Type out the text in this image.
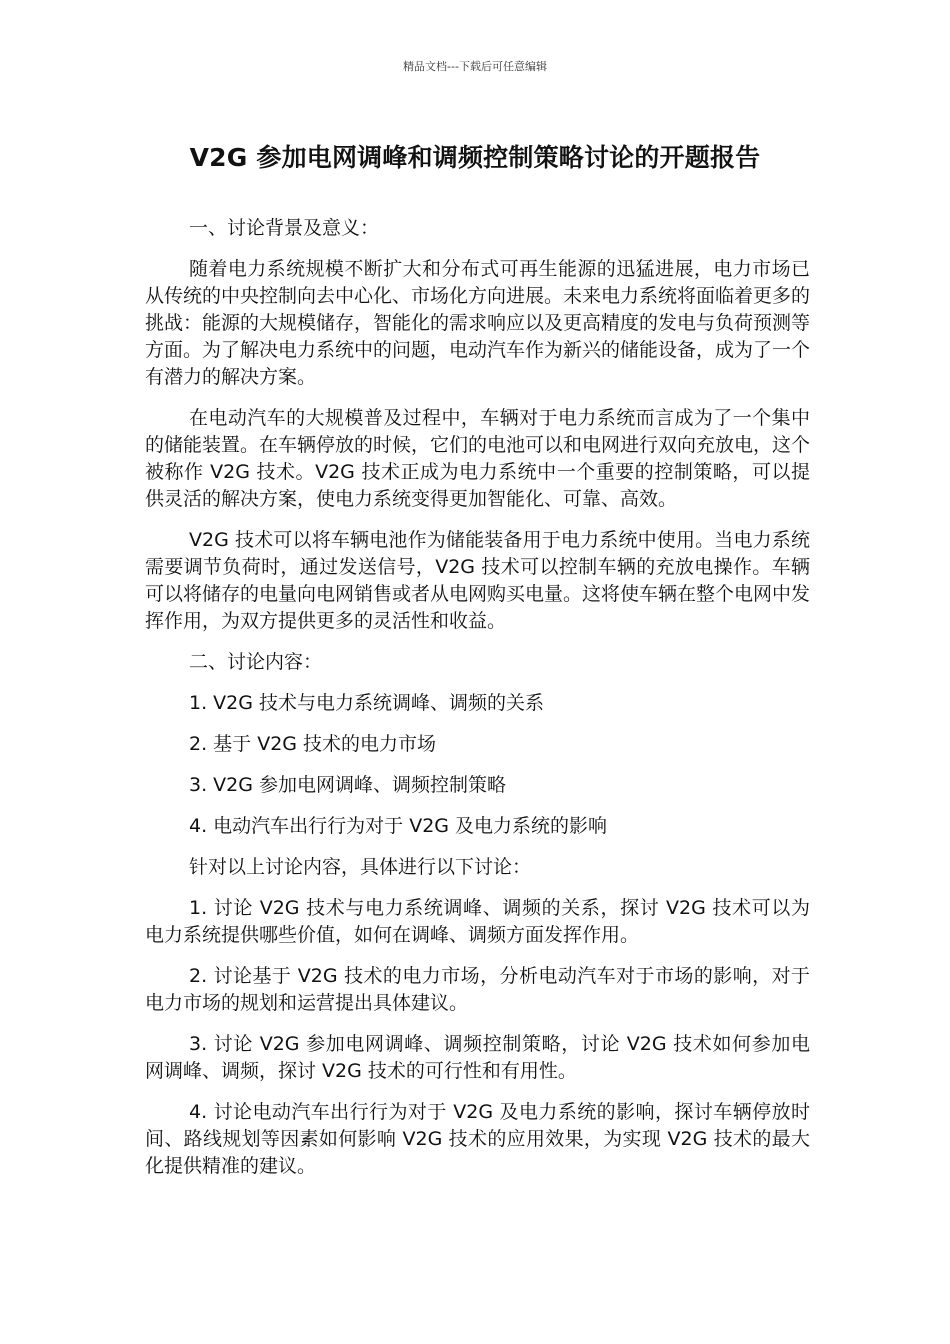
精品文档---下载后可任意编辑
V2G 参加电网调峰和调频控制策略讨论的开题报告

一、讨论背景及意义：

随着电力系统规模不断扩大和分布式可再生能源的迅猛进展，电力市场已从传统的中央控制向去中心化、市场化方向进展。未来电力系统将面临着更多的挑战：能源的大规模储存，智能化的需求响应以及更高精度的发电与负荷预测等方面。为了解决电力系统中的问题，电动汽车作为新兴的储能设备，成为了一个有潜力的解决方案。

在电动汽车的大规模普及过程中，车辆对于电力系统而言成为了一个集中的储能装置。在车辆停放的时候，它们的电池可以和电网进行双向充放电，这个被称作 V2G 技术。V2G 技术正成为电力系统中一个重要的控制策略，可以提供灵活的解决方案，使电力系统变得更加智能化、可靠、高效。

V2G 技术可以将车辆电池作为储能装备用于电力系统中使用。当电力系统需要调节负荷时，通过发送信号，V2G 技术可以控制车辆的充放电操作。车辆可以将储存的电量向电网销售或者从电网购买电量。这将使车辆在整个电网中发挥作用，为双方提供更多的灵活性和收益。

二、讨论内容：

1. V2G 技术与电力系统调峰、调频的关系

2. 基于 V2G 技术的电力市场

3. V2G 参加电网调峰、调频控制策略

4. 电动汽车出行行为对于 V2G 及电力系统的影响

针对以上讨论内容，具体进行以下讨论：

1. 讨论 V2G 技术与电力系统调峰、调频的关系，探讨 V2G 技术可以为电力系统提供哪些价值，如何在调峰、调频方面发挥作用。

2. 讨论基于 V2G 技术的电力市场，分析电动汽车对于市场的影响，对于电力市场的规划和运营提出具体建议。

3. 讨论 V2G 参加电网调峰、调频控制策略，讨论 V2G 技术如何参加电网调峰、调频，探讨 V2G 技术的可行性和有用性。

4. 讨论电动汽车出行行为对于 V2G 及电力系统的影响，探讨车辆停放时间、路线规划等因素如何影响 V2G 技术的应用效果，为实现 V2G 技术的最大化提供精准的建议。
